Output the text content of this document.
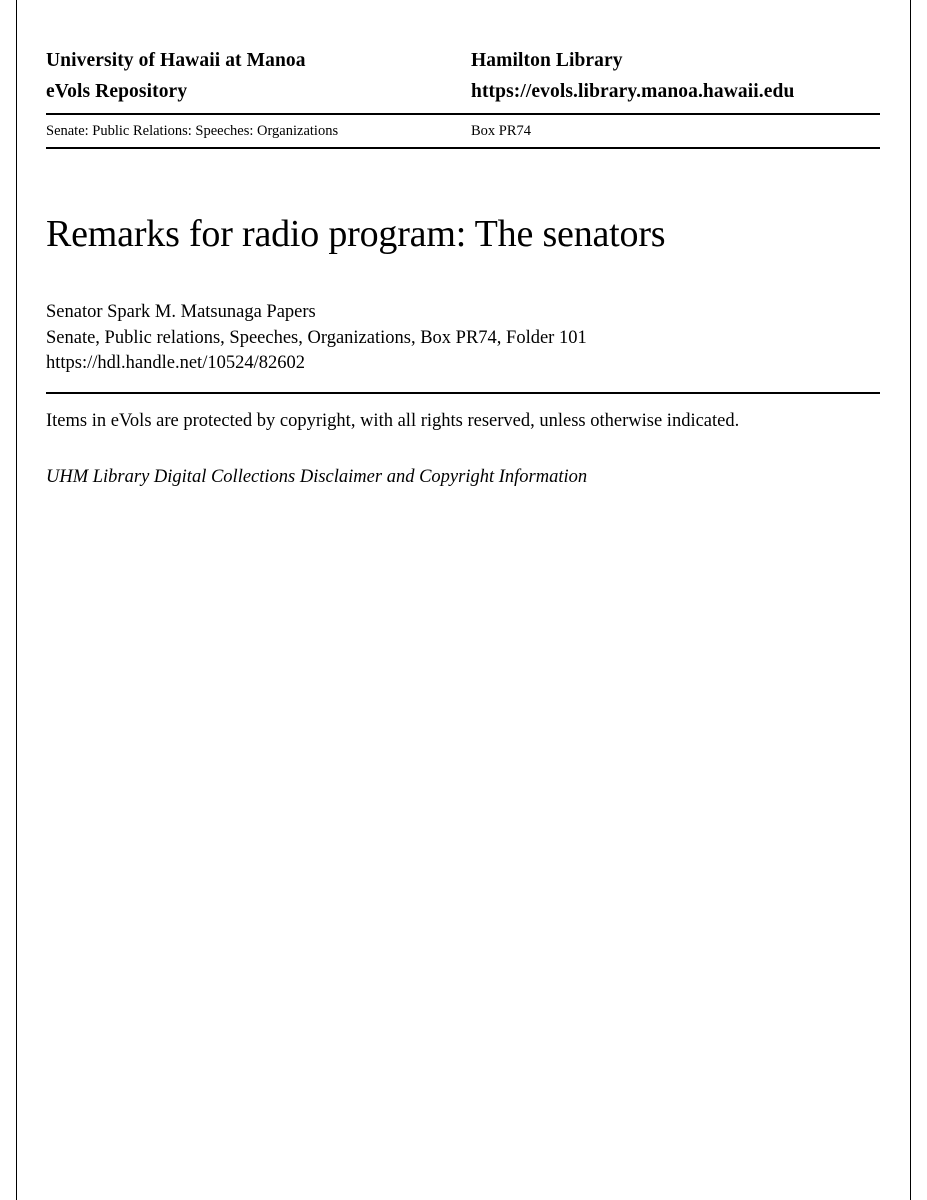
University of Hawaii at Manoa	Hamilton Library
eVols Repository	https://evols.library.manoa.hawaii.edu
Senate: Public Relations: Speeches: Organizations	Box PR74
Remarks for radio program: The senators
Senator Spark M. Matsunaga Papers
Senate, Public relations, Speeches, Organizations, Box PR74, Folder 101
https://hdl.handle.net/10524/82602
Items in eVols are protected by copyright, with all rights reserved, unless otherwise indicated.
UHM Library Digital Collections Disclaimer and Copyright Information
